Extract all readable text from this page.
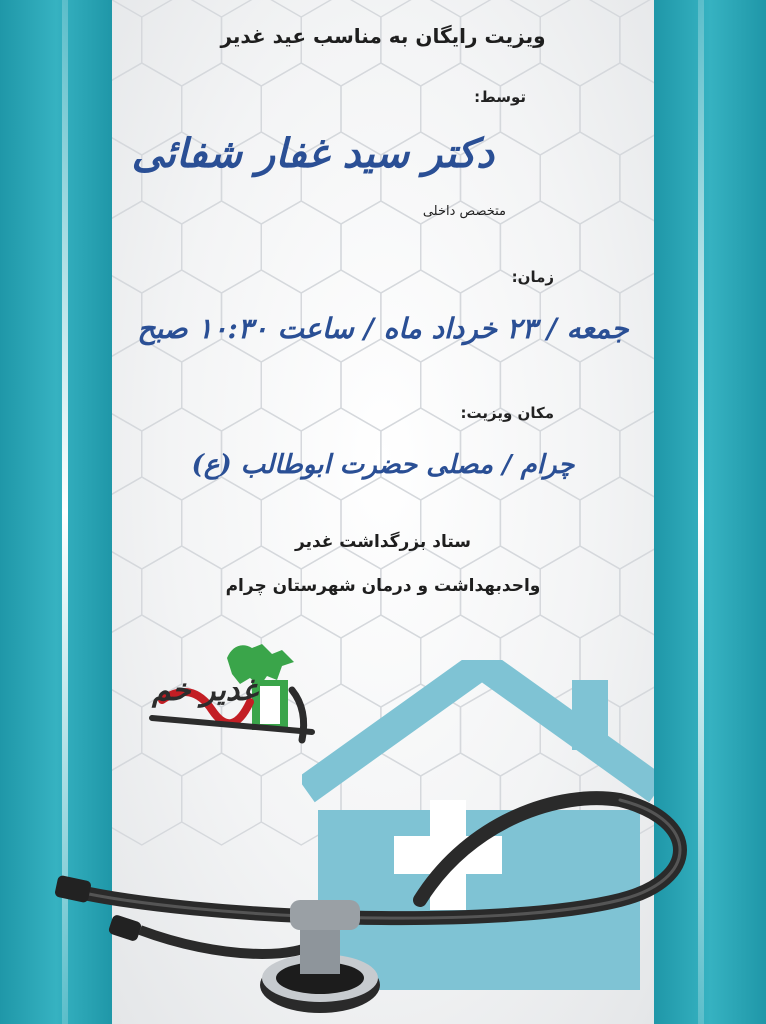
ویزیت رایگان به مناسب عید غدیر
توسط:
دکتر سید غفار شفائی
متخصص داخلی
زمان:
جمعه / ۲۳ خرداد ماه / ساعت ۱۰:۳۰ صبح
مکان ویزیت:
چرام / مصلی حضرت ابوطالب (ع)
ستاد بزرگداشت غدیر
واحدبهداشت و درمان شهرستان چرام
غدیر خم
